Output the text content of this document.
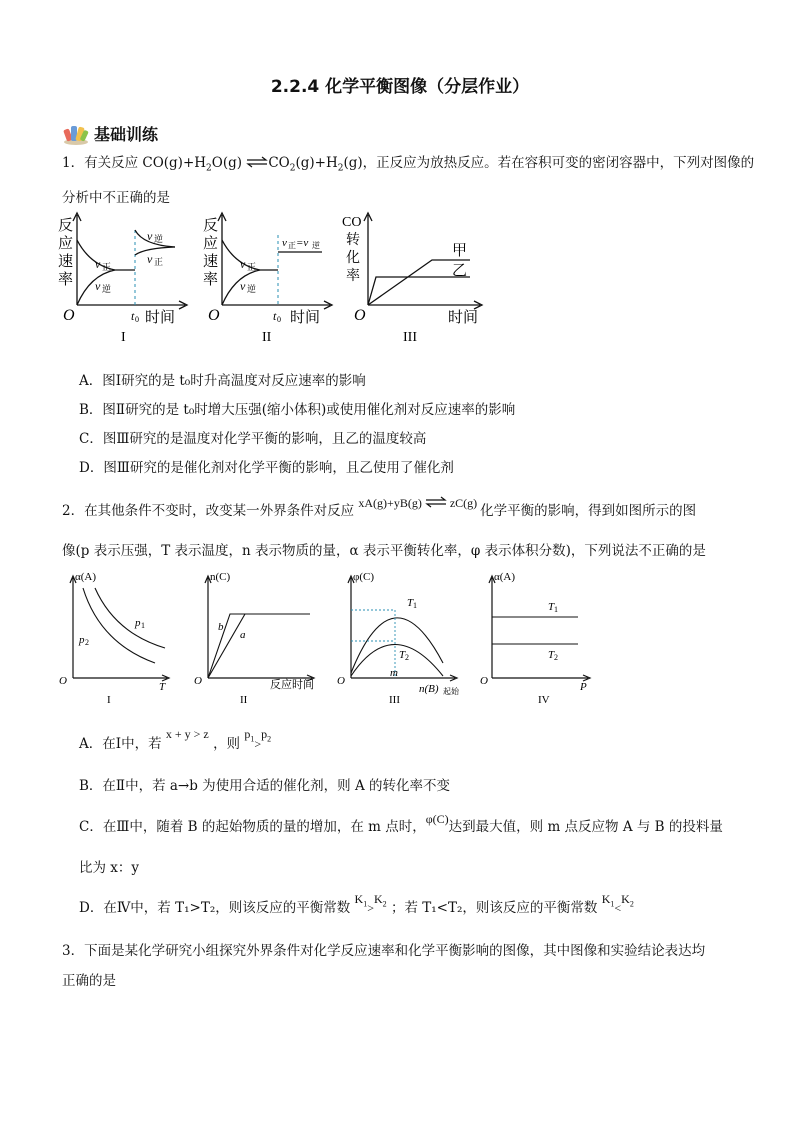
2.2.4 化学平衡图像（分层作业）
基础训练
1．有关反应 $CO(g)+H_2O(g)$ $\rightleftharpoons CO_2(g)+H_2(g)$，正反应为放热反应。若在容积可变的密闭容器中，下列对图像的
分析中不正确的是
反
应
速
率
v 正
v 逆
v 逆
v 正
O	t 0 时间
I
反
应
速
率
v 正 =v 逆
v 正
v 逆
O	t 0 时间
II
CO
转
化
率
甲
乙
O	时间
III
A．图Ⅰ研究的是 t₀时升高温度对反应速率的影响
B．图Ⅱ研究的是 t₀时增大压强(缩小体积)或使用催化剂对反应速率的影响
C．图Ⅲ研究的是温度对化学平衡的影响，且乙的温度较高
D．图Ⅲ研究的是催化剂对化学平衡的影响，且乙使用了催化剂
2．在其他条件不变时，改变某一外界条件对反应 xA(g)+yB(g) ⇌ zC(g) 化学平衡的影响，得到如图所示的图
像(p 表示压强，T 表示温度，n 表示物质的量，α 表示平衡转化率，φ 表示体积分数)，下列说法不正确的是
α(A)
p 1
p 2
O	T
I
n(C)
b
a
O	反应时间
II
φ(C)
T 1
T 2
m
O
n(B) 起始
III
α(A)
T 1
T 2
O	P
IV
A．在Ⅰ中，若 x + y > z ，则 $p_1>p_2$
B．在Ⅱ中，若 a→b 为使用合适的催化剂，则 A 的转化率不变
C．在Ⅲ中，随着 B 的起始物质的量的增加，在 m 点时，φ(C)达到最大值，则 m 点反应物 A 与 B 的投料量
比为 x：y
D．在Ⅳ中，若 T₁>T₂，则该反应的平衡常数 $K_1>K_2$ ；若 T₁<T₂，则该反应的平衡常数 $K_1<K_2$
3．下面是某化学研究小组探究外界条件对化学反应速率和化学平衡影响的图像，其中图像和实验结论表达均
正确的是
